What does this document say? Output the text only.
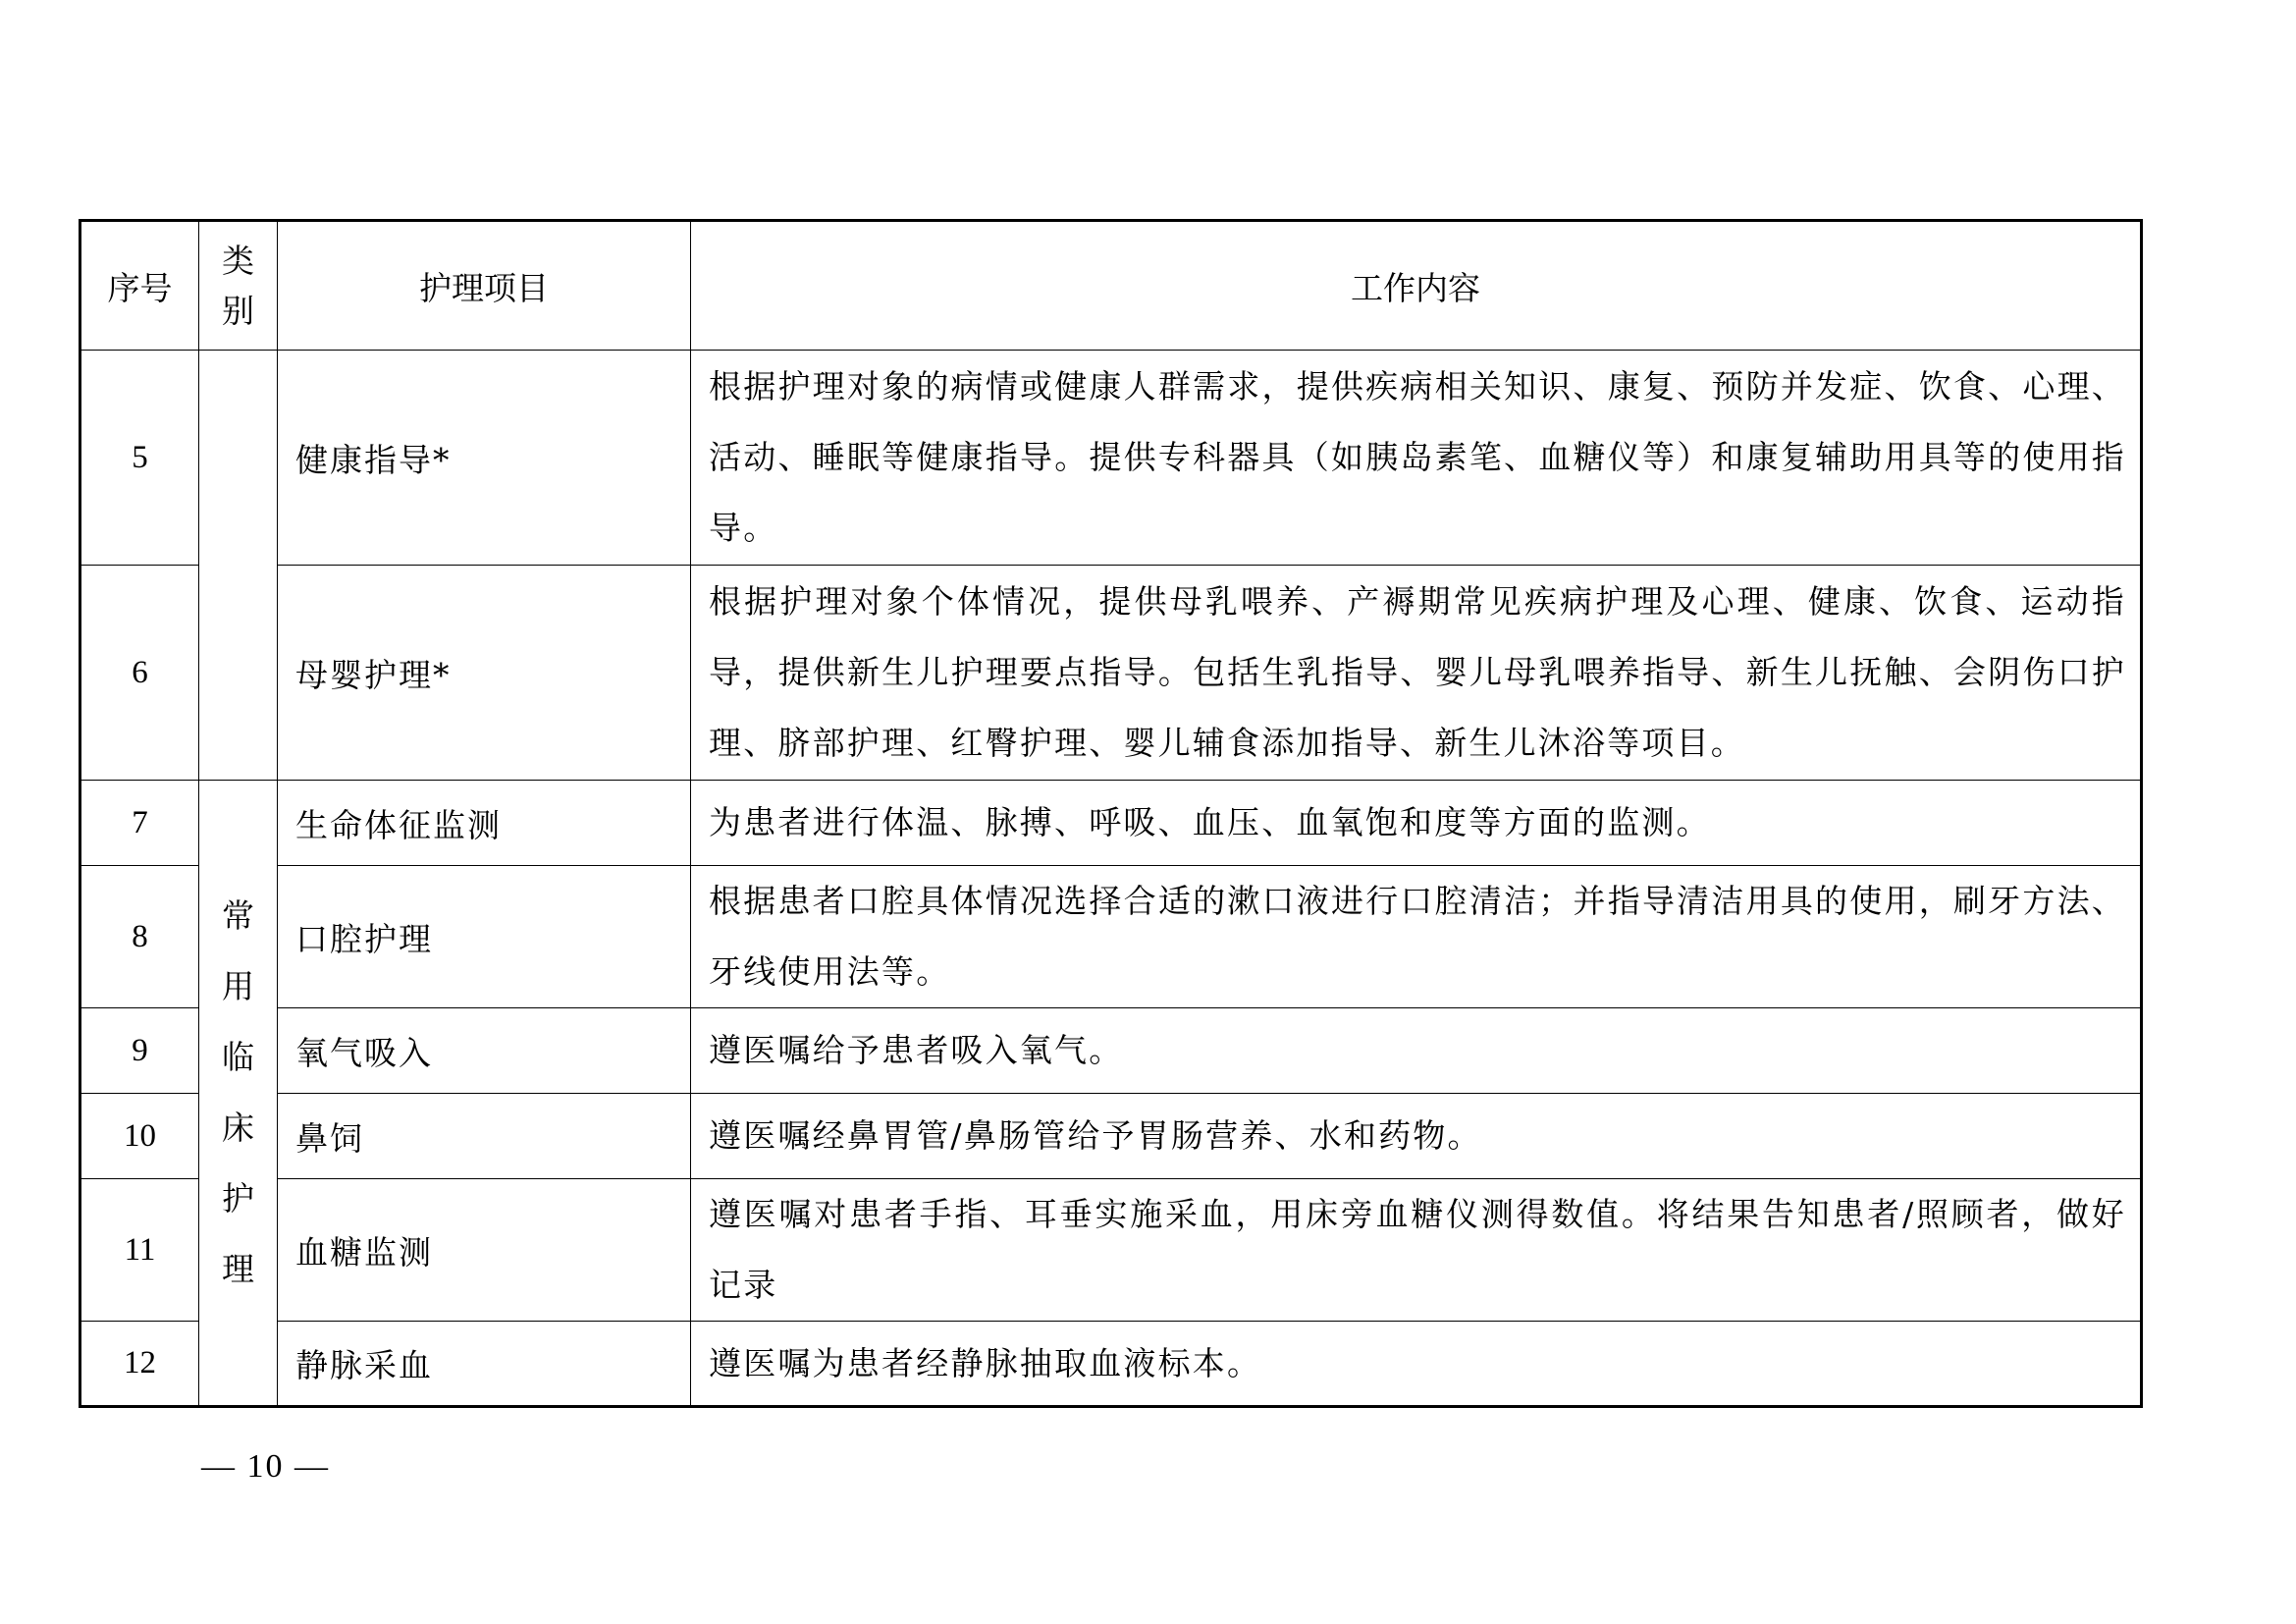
序号	类别	护理项目	工作内容
5		健康指导*	根据护理对象的病情或健康人群需求，提供疾病相关知识、康复、预防并发症、饮食、心理、活动、睡眠等健康指导。提供专科器具（如胰岛素笔、血糖仪等）和康复辅助用具等的使用指导。
6		母婴护理*	根据护理对象个体情况，提供母乳喂养、产褥期常见疾病护理及心理、健康、饮食、运动指导，提供新生儿护理要点指导。包括生乳指导、婴儿母乳喂养指导、新生儿抚触、会阴伤口护理、脐部护理、红臀护理、婴儿辅食添加指导、新生儿沐浴等项目。
7	常用临床护理	生命体征监测	为患者进行体温、脉搏、呼吸、血压、血氧饱和度等方面的监测。
8		口腔护理	根据患者口腔具体情况选择合适的漱口液进行口腔清洁；并指导清洁用具的使用，刷牙方法、牙线使用法等。
9		氧气吸入	遵医嘱给予患者吸入氧气。
10		鼻饲	遵医嘱经鼻胃管/鼻肠管给予胃肠营养、水和药物。
11		血糖监测	遵医嘱对患者手指、耳垂实施采血，用床旁血糖仪测得数值。将结果告知患者/照顾者，做好记录
12		静脉采血	遵医嘱为患者经静脉抽取血液标本。
— 10 —
